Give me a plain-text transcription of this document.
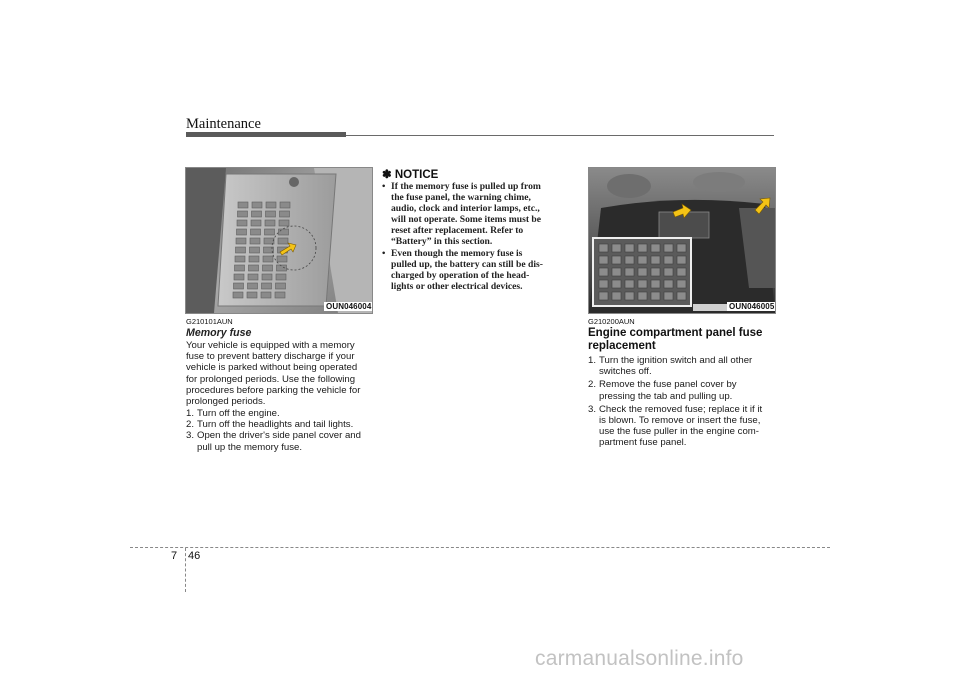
Maintenance
OUN046004
G210101AUN
Memory fuse
Your vehicle is equipped with a memory
fuse to prevent battery discharge if your
vehicle is parked without being operated
for prolonged periods. Use the following
procedures before parking the vehicle for
prolonged periods.
1. Turn off the engine.
2. Turn off the headlights and tail lights.
3. Open the driver's side panel cover and
pull up the memory fuse.
✽ NOTICE
• If the memory fuse is pulled up from
the fuse panel, the warning chime,
audio, clock and interior lamps, etc.,
will not operate. Some items must be
reset after replacement. Refer to
“Battery” in this section.
• Even though the memory fuse is
pulled up, the battery can still be dis-
charged by operation of the head-
lights or other electrical devices.
OUN046005
G210200AUN
Engine compartment panel fuse
replacement
1. Turn the ignition switch and all other
switches off.
2. Remove the fuse panel cover by
pressing the tab and pulling up.
3. Check the removed fuse; replace it if it
is blown. To remove or insert the fuse,
use the fuse puller in the engine com-
partment fuse panel.
7 46
carmanualsonline.info
